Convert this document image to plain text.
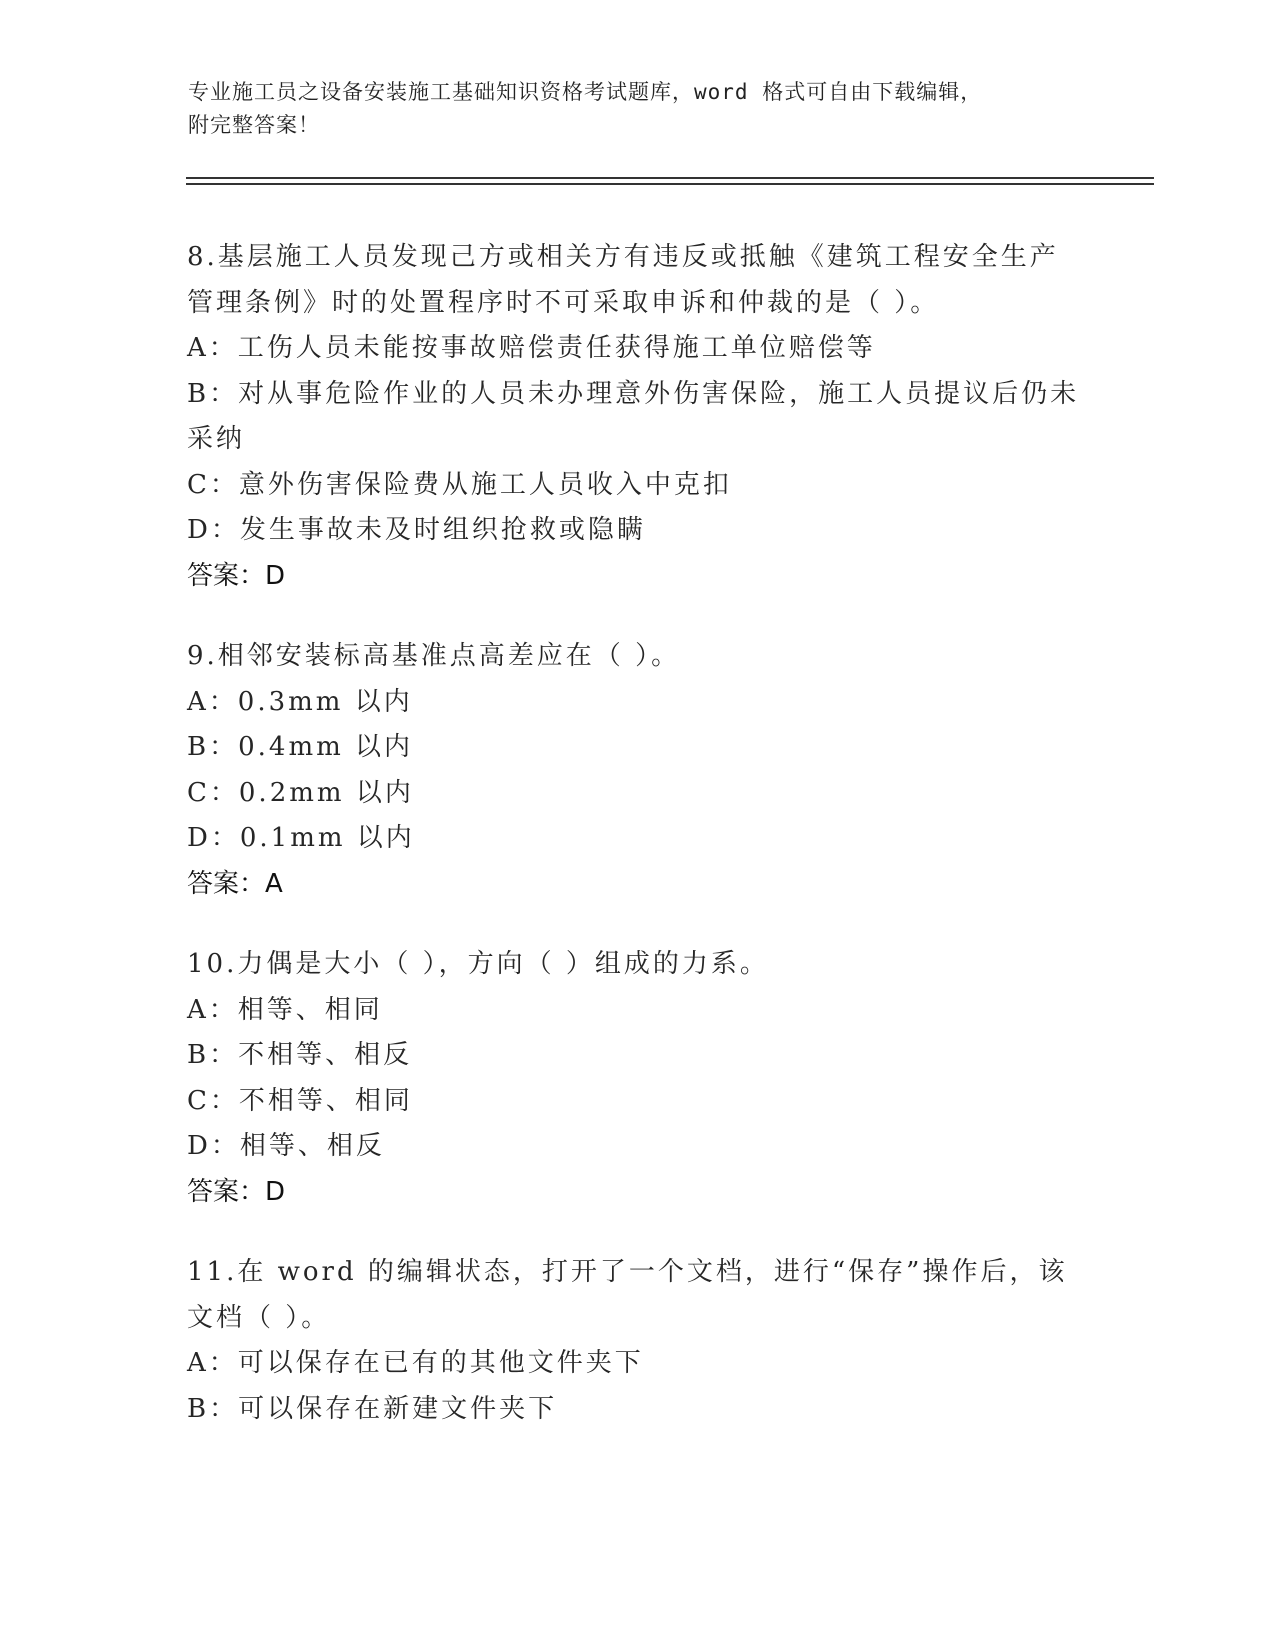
专业施工员之设备安装施工基础知识资格考试题库，word 格式可自由下载编辑，
附完整答案！
8.基层施工人员发现己方或相关方有违反或抵触《建筑工程安全生产
管理条例》时的处置程序时不可采取申诉和仲裁的是（ ）。
A：工伤人员未能按事故赔偿责任获得施工单位赔偿等
B：对从事危险作业的人员未办理意外伤害保险，施工人员提议后仍未
采纳
C：意外伤害保险费从施工人员收入中克扣
D：发生事故未及时组织抢救或隐瞒
答案：D
9.相邻安装标高基准点高差应在（ ）。
A：0.3mm 以内
B：0.4mm 以内
C：0.2mm 以内
D：0.1mm 以内
答案：A
10.力偶是大小（ ），方向（ ）组成的力系。
A：相等、相同
B：不相等、相反
C：不相等、相同
D：相等、相反
答案：D
11.在 word 的编辑状态，打开了一个文档，进行“保存”操作后，该
文档（ ）。
A：可以保存在已有的其他文件夹下
B：可以保存在新建文件夹下
